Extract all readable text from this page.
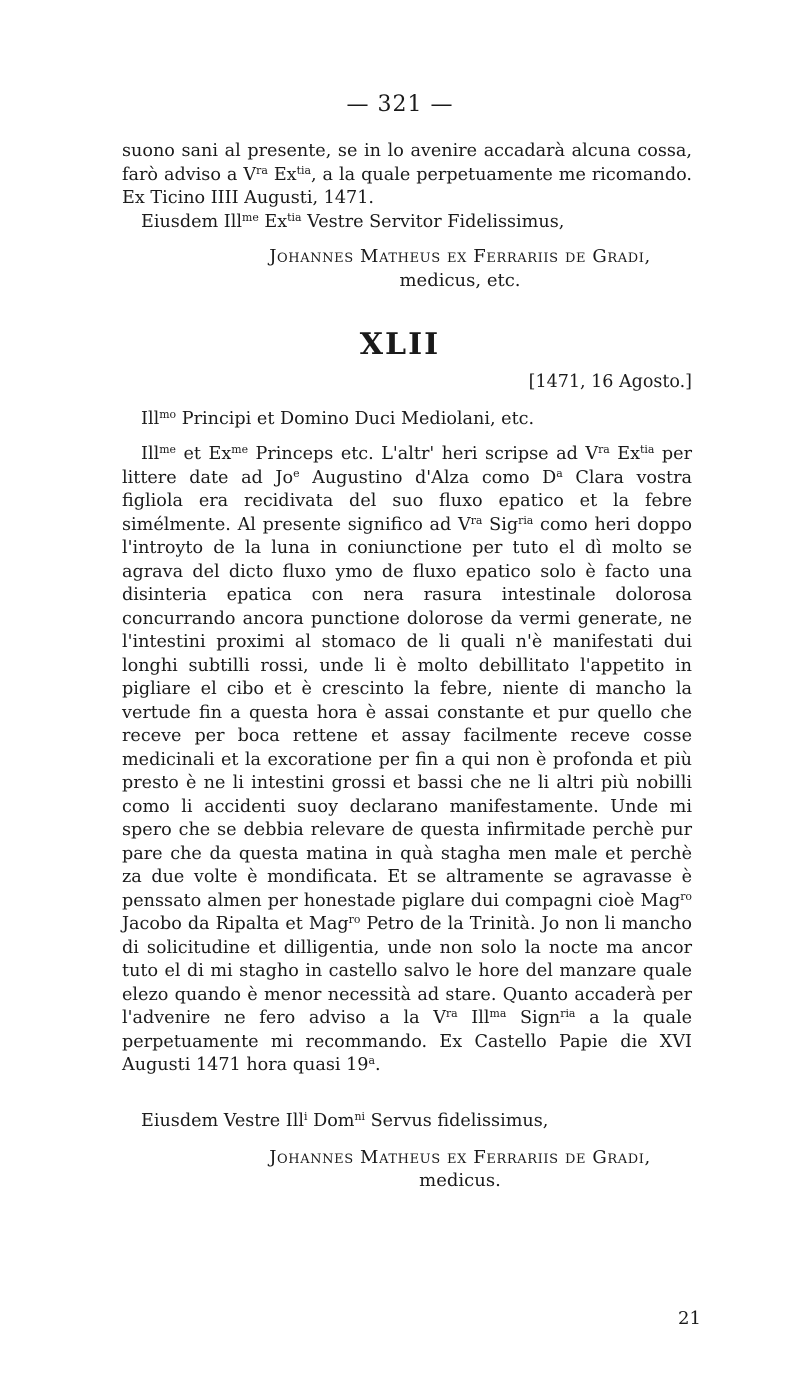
— 321 —

suono sani al presente, se in lo avenire accadarà alcuna cossa, farò adviso a $V^{ra}$ $Ex^{tia}$, a la quale perpetuamente me ricomando. Ex Ticino IIII Augusti, 1471.

Eiusdem Ill$^{me}$ $Ex^{tia}$ Vestre Servitor Fidelissimus,

Johannes Matheus ex Ferrariis de Gradi,
medicus, etc.
XLII
[1471, 16 Agosto.]

Ill$^{mo}$ Principi et Domino Duci Mediolani, etc.

Ill$^{me}$ et $Ex^{me}$ Princeps etc. L'altr' heri scripse ad $V^{ra}$ $Ex^{tia}$ per littere date ad Jo$^e$ Augustino d'Alza como $D^a$ Clara vostra figliola era recidivata del suo fluxo epatico et la febre simélmente. Al presente significo ad $V^{ra}$ Sig$^{ria}$ como heri doppo l'introyto de la luna in coniunctione per tuto el dì molto se agrava del dicto fluxo ymo de fluxo epatico solo è facto una disinteria epatica con nera rasura intestinale dolorosa concurrando ancora punctione dolorose da vermi generate, ne l'intestini proximi al stomaco de li quali n'è manifestati dui longhi subtilli rossi, unde li è molto debillitato l'appetito in pigliare el cibo et è crescinto la febre, niente di mancho la vertude fin a questa hora è assai constante et pur quello che receve per boca rettene et assay facilmente receve cosse medicinali et la excoratione per fin a qui non è profonda et più presto è ne li intestini grossi et bassi che ne li altri più nobilli como li accidenti suoy declarano manifestamente. Unde mi spero che se debbia relevare de questa infirmitade perchè pur pare che da questa matina in quà stagha men male et perchè za due volte è mondificata. Et se altramente se agravasse è penssato almen per honestade piglare dui compagni cioè Mag$^{ro}$ Jacobo da Ripalta et Mag$^{ro}$ Petro de la Trinità. Jo non li mancho di solicitudine et dilligentia, unde non solo la nocte ma ancor tuto el di mi stagho in castello salvo le hore del manzare quale elezo quando è menor necessità ad stare. Quanto accaderà per l'advenire ne fero adviso a la $V^{ra}$ Ill$^{ma}$ Sign$^{ria}$ a la quale perpetuamente mi recommando. Ex Castello Papie die XVI Augusti 1471 hora quasi 19$^a$.

Eiusdem Vestre Ill$^i$ Dom$^{ni}$ Servus fidelissimus,

Johannes Matheus ex Ferrariis de Gradi,
medicus.
21
